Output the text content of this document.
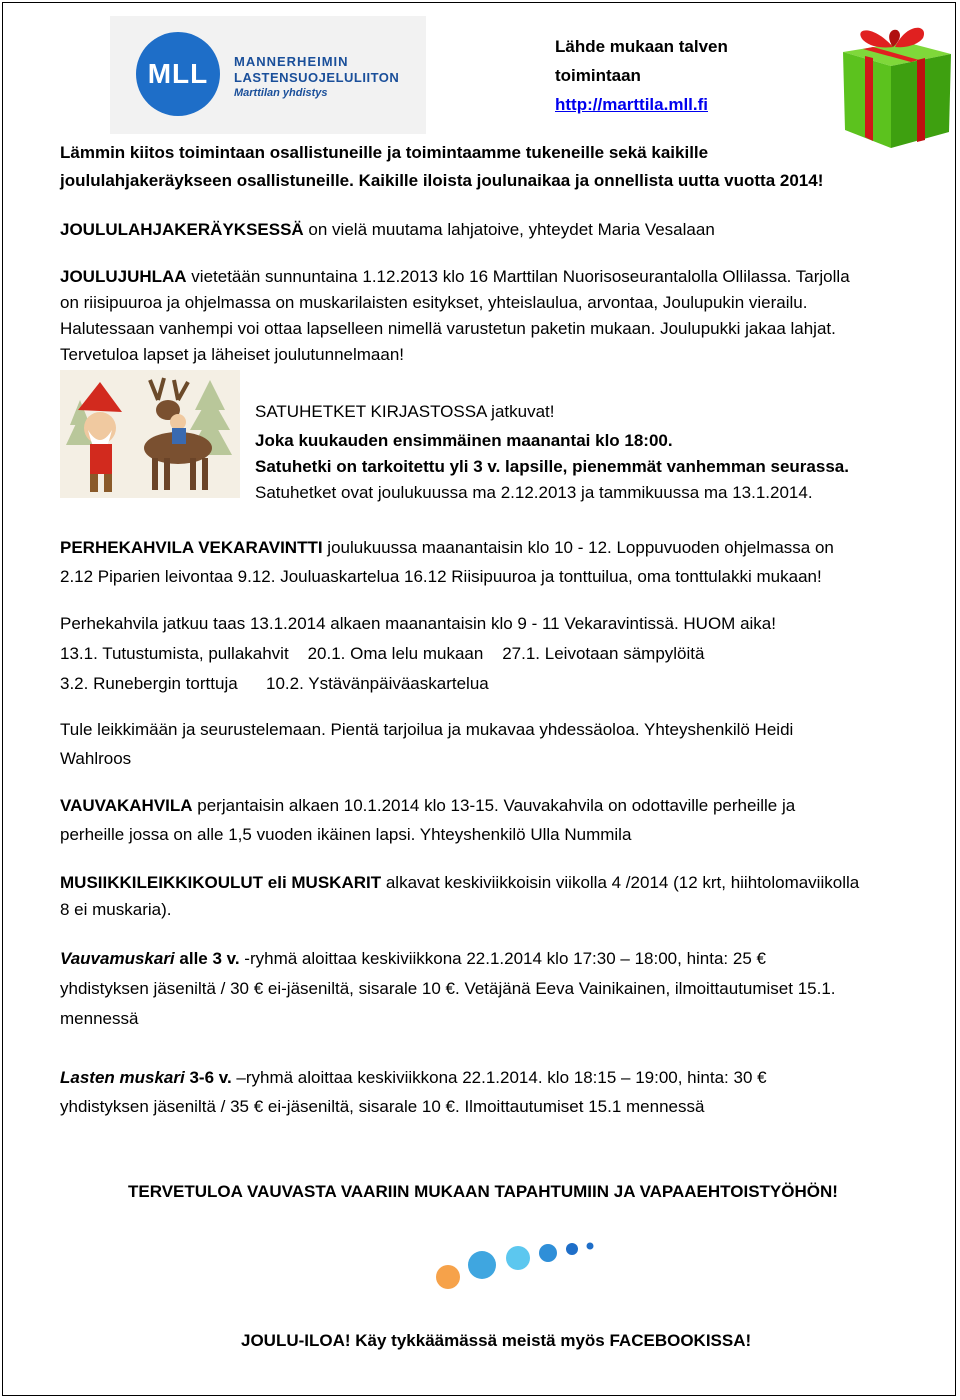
MLL	MANNERHEIMIN
LASTENSUOJELULIITON
Marttilan yhdistys
Lähde mukaan talven
toimintaan
http://marttila.mll.fi
Lämmin kiitos toimintaan osallistuneille ja toimintaamme tukeneille sekä kaikille
joululahjakeräykseen osallistuneille. Kaikille iloista joulunaikaa ja onnellista uutta vuotta 2014!
JOULULAHJAKERÄYKSESSÄ on vielä muutama lahjatoive, yhteydet Maria Vesalaan
JOULUJUHLAA vietetään sunnuntaina 1.12.2013 klo 16 Marttilan Nuorisoseurantalolla Ollilassa. Tarjolla
on riisipuuroa ja ohjelmassa on muskarilaisten esitykset, yhteislaulua, arvontaa, Joulupukin vierailu.
Halutessaan vanhempi voi ottaa lapselleen nimellä varustetun paketin mukaan. Joulupukki jakaa lahjat.
Tervetuloa lapset ja läheiset joulutunnelmaan!
SATUHETKET KIRJASTOSSA jatkuvat!
Joka kuukauden ensimmäinen maanantai klo 18:00.
Satuhetki on tarkoitettu yli 3 v. lapsille, pienemmät vanhemman seurassa.
Satuhetket ovat joulukuussa ma 2.12.2013 ja tammikuussa ma 13.1.2014.
PERHEKAHVILA VEKARAVINTTI joulukuussa maanantaisin klo 10 - 12. Loppuvuoden ohjelmassa on
2.12 Piparien leivontaa 9.12. Jouluaskartelua 16.12 Riisipuuroa ja tonttuilua, oma tonttulakki mukaan!
Perhekahvila jatkuu taas 13.1.2014 alkaen maanantaisin klo 9 - 11 Vekaravintissä. HUOM aika!
13.1. Tutustumista, pullakahvit    20.1. Oma lelu mukaan    27.1. Leivotaan sämpylöitä
3.2. Runebergin torttuja      10.2. Ystävänpäiväaskartelua
Tule leikkimään ja seurustelemaan. Pientä tarjoilua ja mukavaa yhdessäoloa. Yhteyshenkilö Heidi
Wahlroos
VAUVAKAHVILA perjantaisin alkaen 10.1.2014 klo 13-15. Vauvakahvila on odottaville perheille ja
perheille jossa on alle 1,5 vuoden ikäinen lapsi. Yhteyshenkilö Ulla Nummila
MUSIIKKILEIKKIKOULUT eli MUSKARIT alkavat keskiviikkoisin viikolla 4 /2014 (12 krt, hiihtolomaviikolla
8 ei muskaria).
Vauvamuskari alle 3 v. -ryhmä aloittaa keskiviikkona 22.1.2014 klo 17:30 – 18:00, hinta: 25 €
yhdistyksen jäseniltä / 30 € ei-jäseniltä, sisarale 10 €. Vetäjänä Eeva Vainikainen, ilmoittautumiset 15.1.
mennessä
Lasten muskari 3-6 v. –ryhmä aloittaa keskiviikkona 22.1.2014. klo 18:15 – 19:00, hinta: 30 €
yhdistyksen jäseniltä / 35 € ei-jäseniltä, sisarale 10 €. Ilmoittautumiset 15.1 mennessä
TERVETULOA VAUVASTA VAARIIN MUKAAN TAPAHTUMIIN JA VAPAAEHTOISTYÖHÖN!
JOULU-ILOA! Käy tykkäämässä meistä myös FACEBOOKISSA!
